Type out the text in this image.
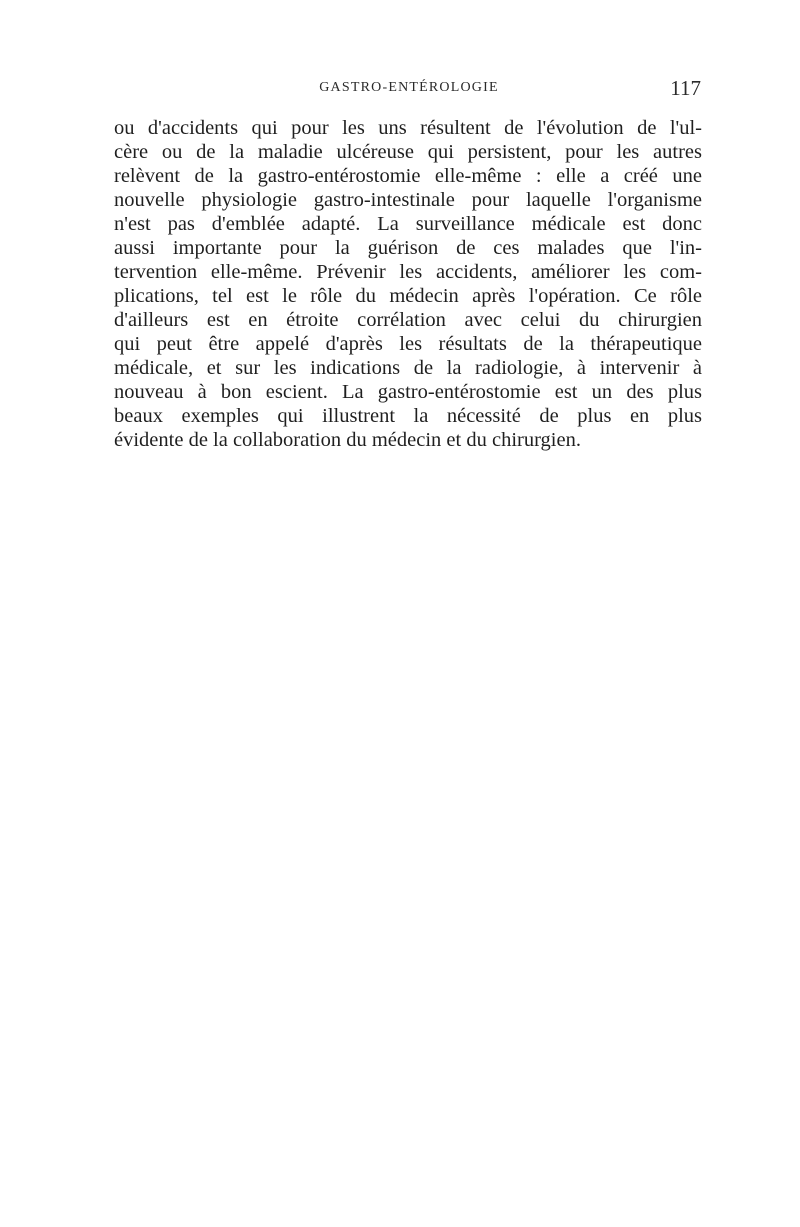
GASTRO-ENTÉROLOGIE	117

ou d'accidents qui pour les uns résultent de l'évolution de l'ul-
cère ou de la maladie ulcéreuse qui persistent, pour les autres
relèvent de la gastro-entérostomie elle-même : elle a créé une
nouvelle physiologie gastro-intestinale pour laquelle l'organisme
n'est pas d'emblée adapté. La surveillance médicale est donc
aussi importante pour la guérison de ces malades que l'in-
tervention elle-même. Prévenir les accidents, améliorer les com-
plications, tel est le rôle du médecin après l'opération. Ce rôle
d'ailleurs est en étroite corrélation avec celui du chirurgien
qui peut être appelé d'après les résultats de la thérapeutique
médicale, et sur les indications de la radiologie, à intervenir à
nouveau à bon escient. La gastro-entérostomie est un des plus
beaux exemples qui illustrent la nécessité de plus en plus
évidente de la collaboration du médecin et du chirurgien.
